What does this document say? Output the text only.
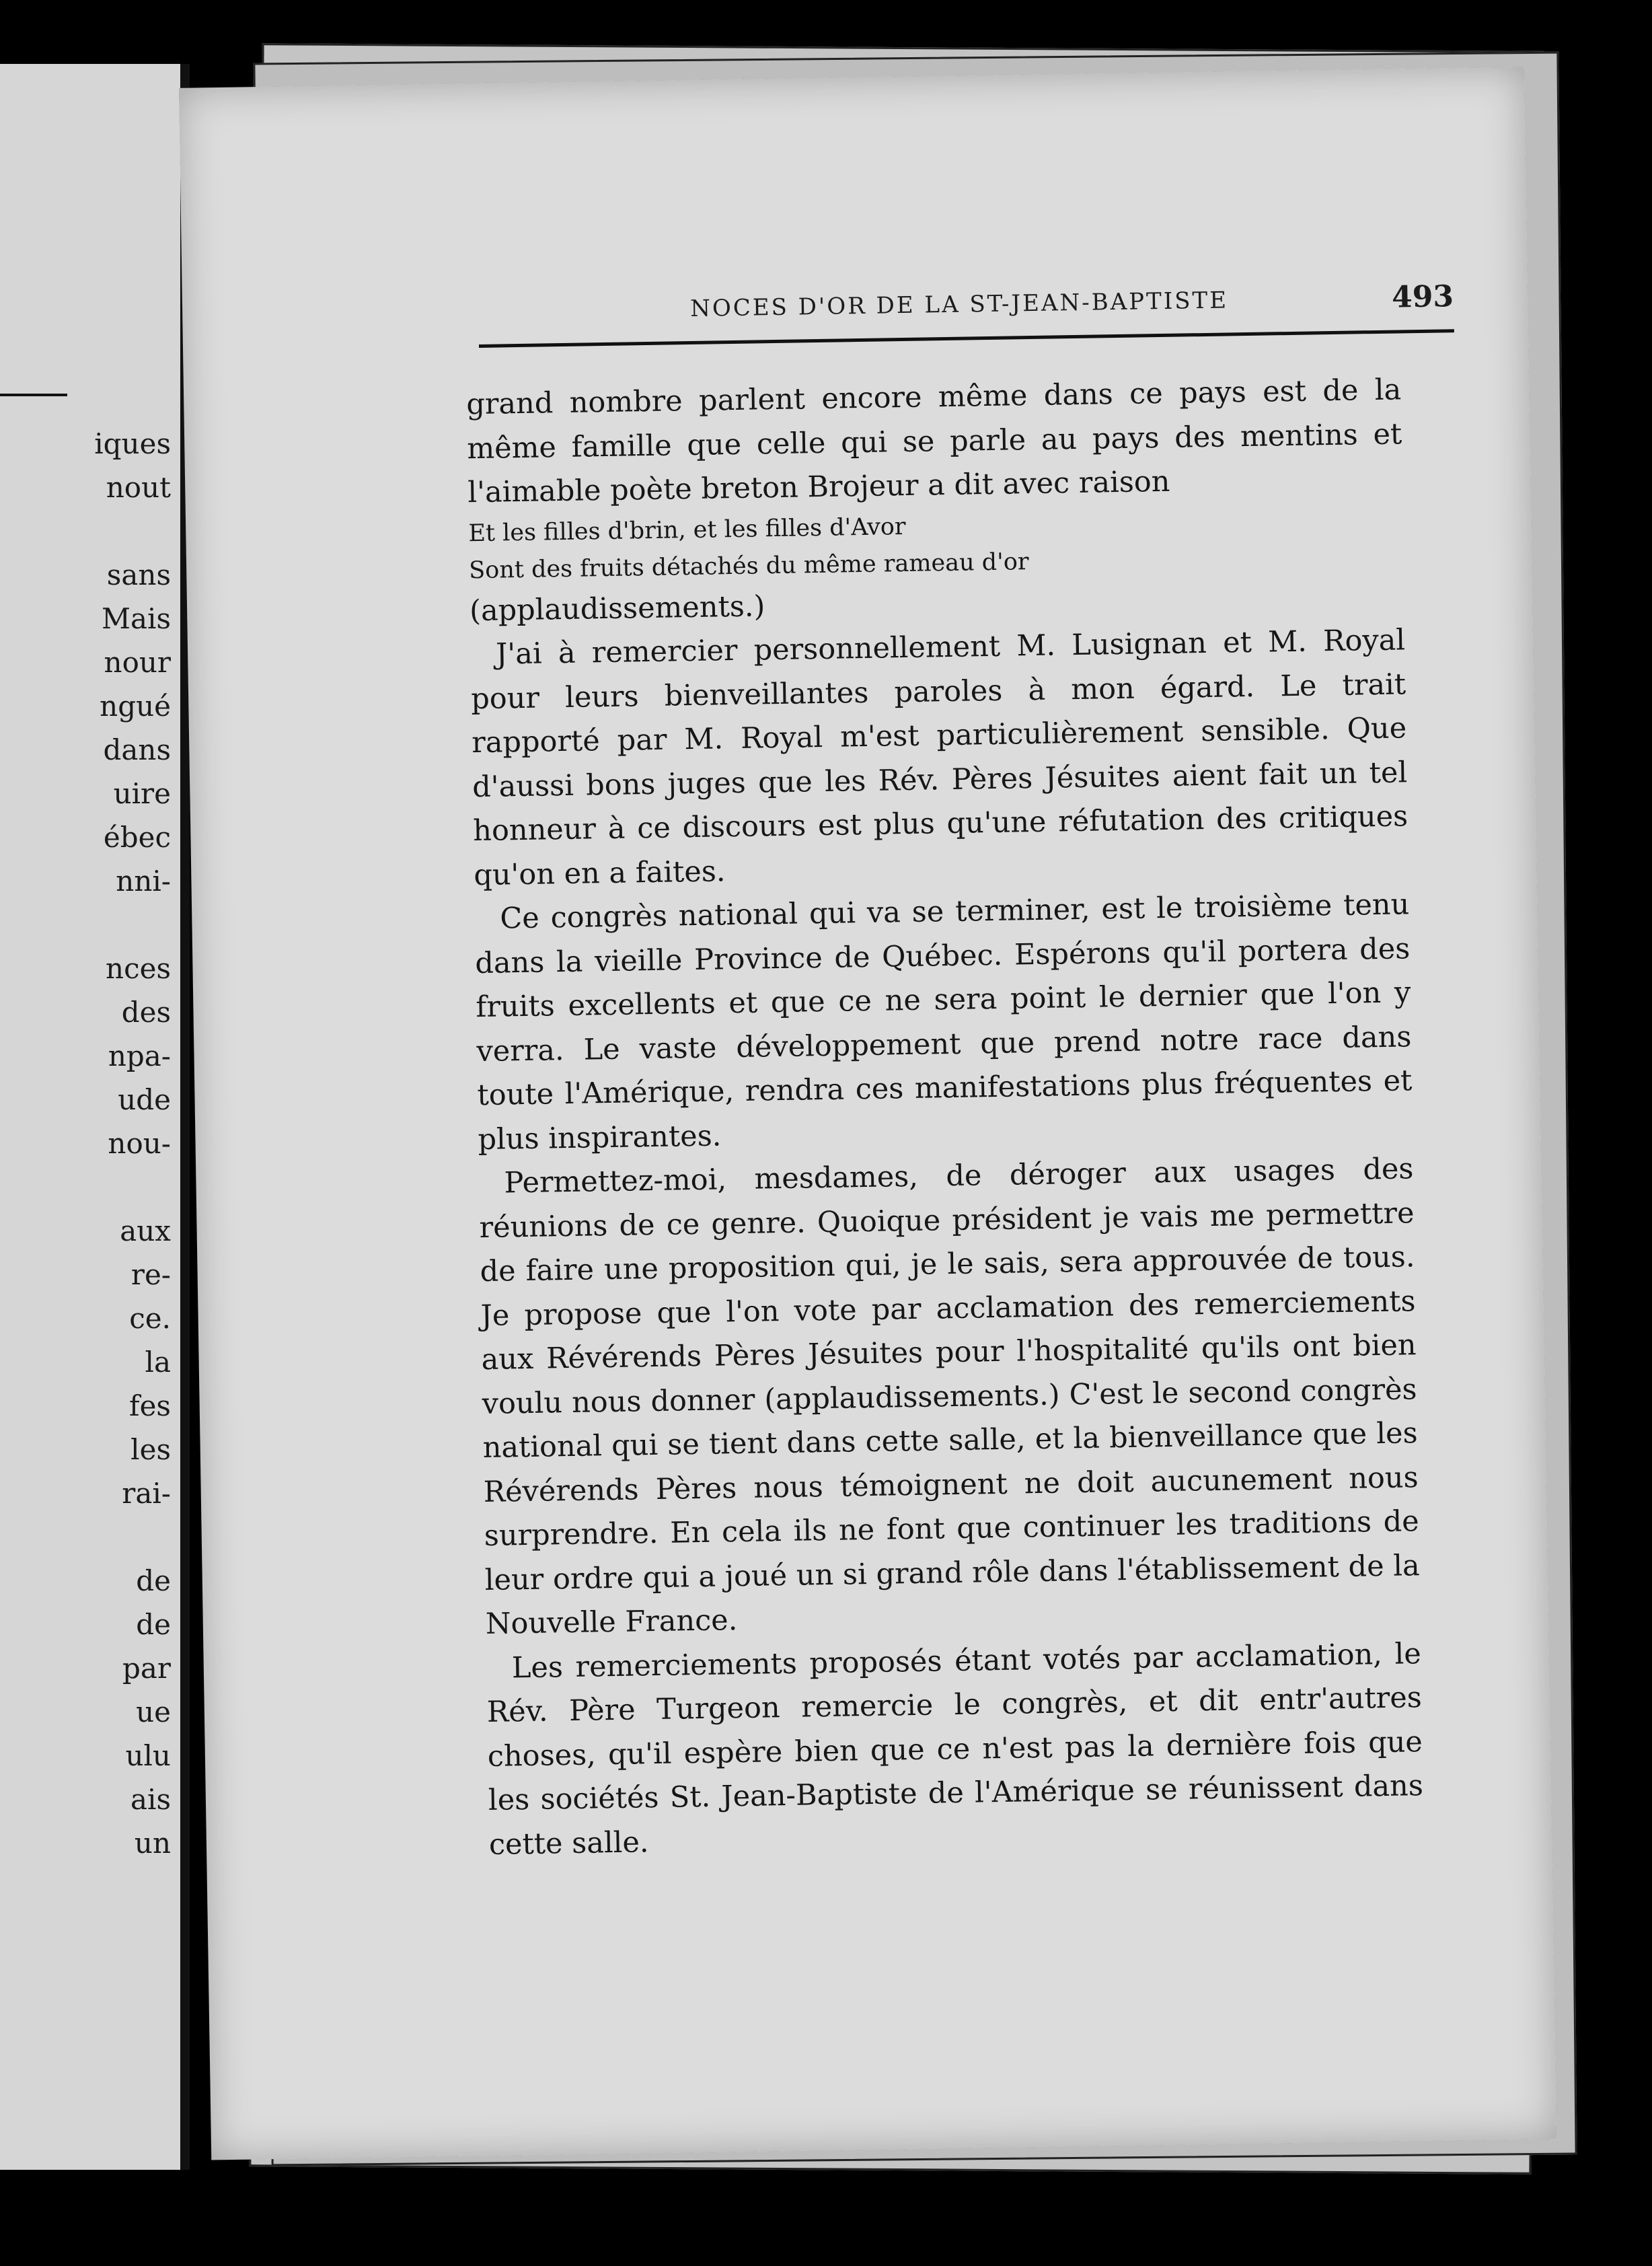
iques
nout
sans
Mais
nour
ngué
dans
uire
ébec
nni-
nces
des
npa-
ude
nou-
aux
re-
ce.
la
fes
les
rai-
de
de
par
ue
ulu
ais
un
NOCES D'OR DE LA ST-JEAN-BAPTISTE	493

grand nombre parlent encore même dans ce pays est de la même famille que celle qui se parle au pays des mentins et l'aimable poète breton Brojeur a dit avec raison

Et les filles d'brin, et les filles d'Avor

Sont des fruits détachés du même rameau d'or

(applaudissements.)

J'ai à remercier personnellement M. Lusignan et M. Royal pour leurs bienveillantes paroles à mon égard. Le trait rapporté par M. Royal m'est particulièrement sensible. Que d'aussi bons juges que les Rév. Pères Jésuites aient fait un tel honneur à ce discours est plus qu'une réfutation des critiques qu'on en a faites.

Ce congrès national qui va se terminer, est le troisième tenu dans la vieille Province de Québec. Espérons qu'il portera des fruits excellents et que ce ne sera point le dernier que l'on y verra. Le vaste développement que prend notre race dans toute l'Amérique, rendra ces manifestations plus fréquentes et plus inspirantes.

Permettez-moi, mesdames, de déroger aux usages des réunions de ce genre. Quoique président je vais me permettre de faire une proposition qui, je le sais, sera approuvée de tous. Je propose que l'on vote par acclamation des remerciements aux Révérends Pères Jésuites pour l'hospitalité qu'ils ont bien voulu nous donner (applaudissements.) C'est le second congrès national qui se tient dans cette salle, et la bienveillance que les Révérends Pères nous témoignent ne doit aucunement nous surprendre. En cela ils ne font que continuer les traditions de leur ordre qui a joué un si grand rôle dans l'établissement de la Nouvelle France.

Les remerciements proposés étant votés par acclamation, le Rév. Père Turgeon remercie le congrès, et dit entr'autres choses, qu'il espère bien que ce n'est pas la dernière fois que les sociétés St. Jean-Baptiste de l'Amérique se réunissent dans cette salle.
